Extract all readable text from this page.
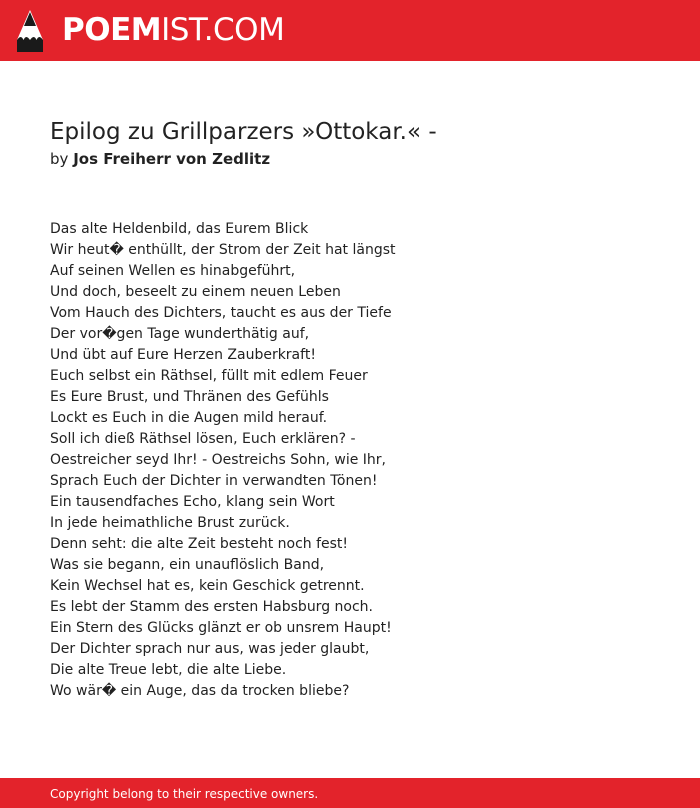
POEMIST.COM
Epilog zu Grillparzers »Ottokar.« -
by Jos Freiherr von Zedlitz
Das alte Heldenbild, das Eurem Blick
Wir heut� enthüllt, der Strom der Zeit hat längst
Auf seinen Wellen es hinabgeführt,
Und doch, beseelt zu einem neuen Leben
Vom Hauch des Dichters, taucht es aus der Tiefe
Der vor�gen Tage wunderthätig auf,
Und übt auf Eure Herzen Zauberkraft!
Euch selbst ein Räthsel, füllt mit edlem Feuer
Es Eure Brust, und Thränen des Gefühls
Lockt es Euch in die Augen mild herauf.
Soll ich dieß Räthsel lösen, Euch erklären? -
Oestreicher seyd Ihr! - Oestreichs Sohn, wie Ihr,
Sprach Euch der Dichter in verwandten Tönen!
Ein tausendfaches Echo, klang sein Wort
In jede heimathliche Brust zurück.
Denn seht: die alte Zeit besteht noch fest!
Was sie begann, ein unauflöslich Band,
Kein Wechsel hat es, kein Geschick getrennt.
Es lebt der Stamm des ersten Habsburg noch.
Ein Stern des Glücks glänzt er ob unsrem Haupt!
Der Dichter sprach nur aus, was jeder glaubt,
Die alte Treue lebt, die alte Liebe.
Wo wär� ein Auge, das da trocken bliebe?
Copyright belong to their respective owners.
